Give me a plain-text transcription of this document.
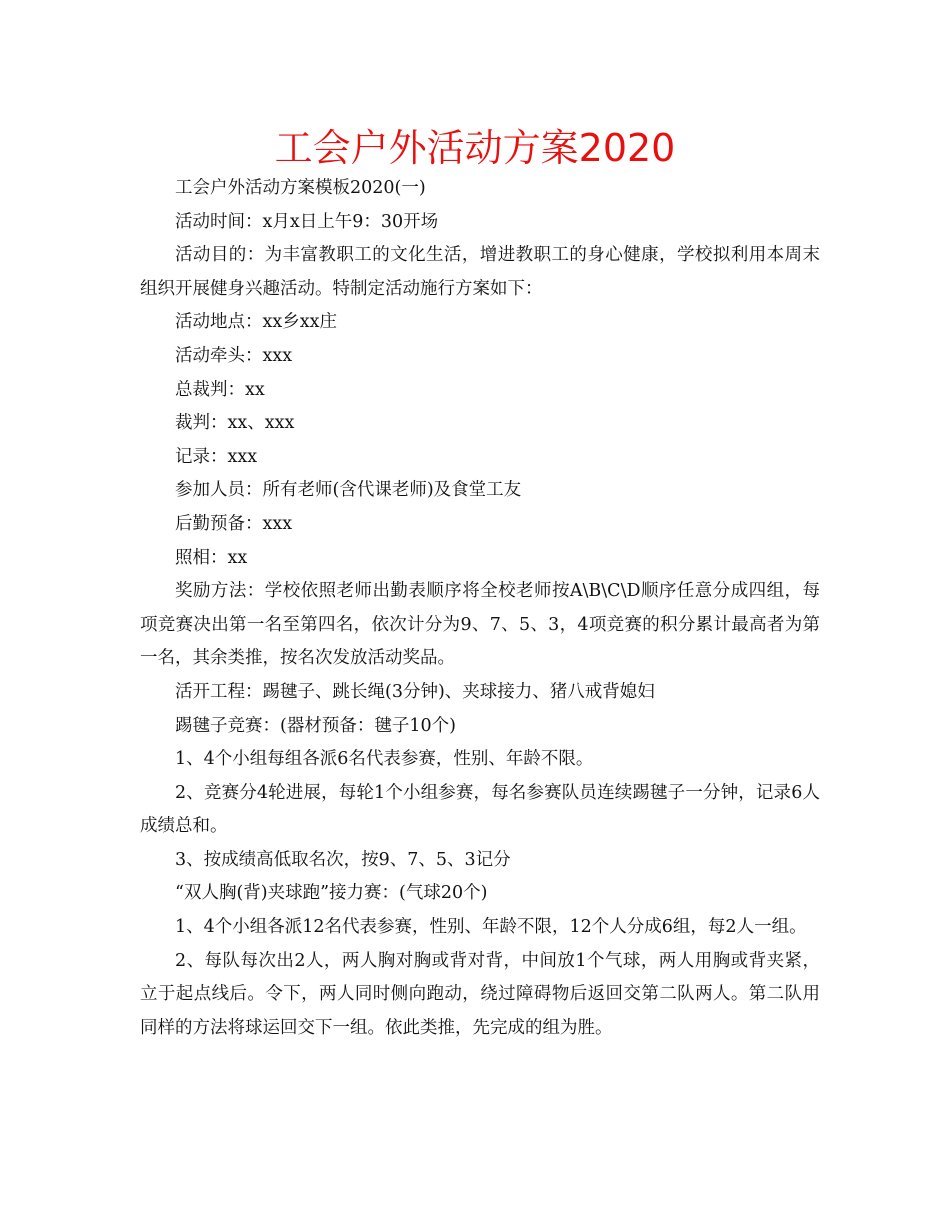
工会户外活动方案2020

工会户外活动方案模板2020(一)

活动时间：x月x日上午9：30开场

活动目的：为丰富教职工的文化生活，增进教职工的身心健康，学校拟利用本周末组织开展健身兴趣活动。特制定活动施行方案如下：

活动地点：xx乡xx庄

活动牵头：xxx

总裁判：xx

裁判：xx、xxx

记录：xxx

参加人员：所有老师(含代课老师)及食堂工友

后勤预备：xxx

照相：xx

奖励方法：学校依照老师出勤表顺序将全校老师按A\B\C\D顺序任意分成四组，每项竞赛决出第一名至第四名，依次计分为9、7、5、3，4项竞赛的积分累计最高者为第一名，其余类推，按名次发放活动奖品。

活开工程：踢毽子、跳长绳(3分钟)、夹球接力、猪八戒背媳妇

踢毽子竞赛：(器材预备：毽子10个)

1、4个小组每组各派6名代表参赛，性别、年龄不限。

2、竞赛分4轮进展，每轮1个小组参赛，每名参赛队员连续踢毽子一分钟，记录6人成绩总和。

3、按成绩高低取名次，按9、7、5、3记分

“双人胸(背)夹球跑”接力赛：(气球20个)

1、4个小组各派12名代表参赛，性别、年龄不限，12个人分成6组，每2人一组。

2、每队每次出2人，两人胸对胸或背对背，中间放1个气球，两人用胸或背夹紧，立于起点线后。令下，两人同时侧向跑动，绕过障碍物后返回交第二队两人。第二队用同样的方法将球运回交下一组。依此类推，先完成的组为胜。
